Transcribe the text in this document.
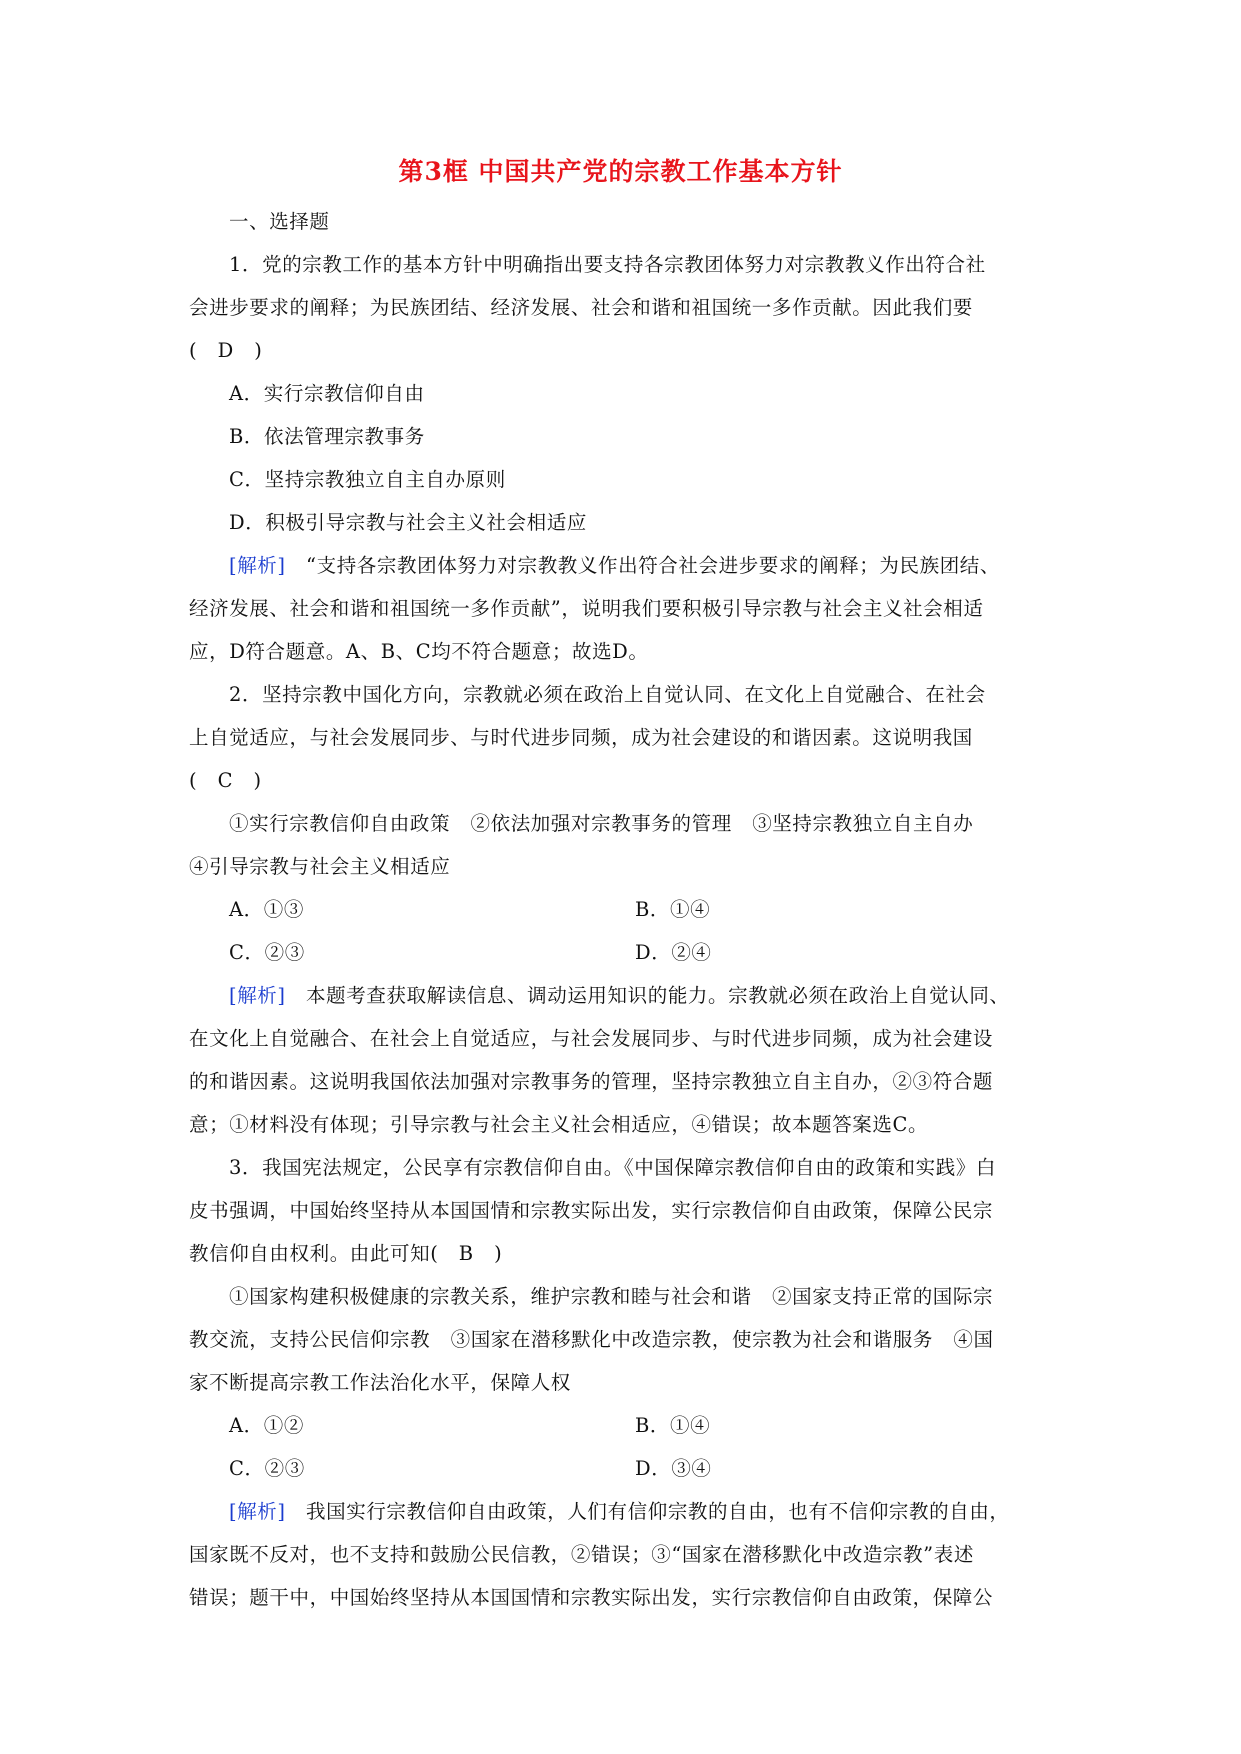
第3框 中国共产党的宗教工作基本方针
一、选择题
1．党的宗教工作的基本方针中明确指出要支持各宗教团体努力对宗教教义作出符合社
会进步要求的阐释；为民族团结、经济发展、社会和谐和祖国统一多作贡献。因此我们要
(   D   )
A．实行宗教信仰自由
B．依法管理宗教事务
C．坚持宗教独立自主自办原则
D．积极引导宗教与社会主义社会相适应
[解析]   “支持各宗教团体努力对宗教教义作出符合社会进步要求的阐释；为民族团结、
经济发展、社会和谐和祖国统一多作贡献”，说明我们要积极引导宗教与社会主义社会相适
应，D符合题意。A、B、C均不符合题意；故选D。
2．坚持宗教中国化方向，宗教就必须在政治上自觉认同、在文化上自觉融合、在社会
上自觉适应，与社会发展同步、与时代进步同频，成为社会建设的和谐因素。这说明我国
(   C   )
①实行宗教信仰自由政策   ②依法加强对宗教事务的管理   ③坚持宗教独立自主自办
④引导宗教与社会主义相适应
A．①③	B．①④
C．②③	D．②④
[解析]   本题考查获取解读信息、调动运用知识的能力。宗教就必须在政治上自觉认同、
在文化上自觉融合、在社会上自觉适应，与社会发展同步、与时代进步同频，成为社会建设
的和谐因素。这说明我国依法加强对宗教事务的管理，坚持宗教独立自主自办，②③符合题
意；①材料没有体现；引导宗教与社会主义社会相适应，④错误；故本题答案选C。
3．我国宪法规定，公民享有宗教信仰自由。《中国保障宗教信仰自由的政策和实践》白
皮书强调，中国始终坚持从本国国情和宗教实际出发，实行宗教信仰自由政策，保障公民宗
教信仰自由权利。由此可知(   B   )
①国家构建积极健康的宗教关系，维护宗教和睦与社会和谐   ②国家支持正常的国际宗
教交流，支持公民信仰宗教   ③国家在潜移默化中改造宗教，使宗教为社会和谐服务   ④国
家不断提高宗教工作法治化水平，保障人权
A．①②	B．①④
C．②③	D．③④
[解析]   我国实行宗教信仰自由政策，人们有信仰宗教的自由，也有不信仰宗教的自由，
国家既不反对，也不支持和鼓励公民信教，②错误；③“国家在潜移默化中改造宗教”表述
错误；题干中，中国始终坚持从本国国情和宗教实际出发，实行宗教信仰自由政策，保障公
